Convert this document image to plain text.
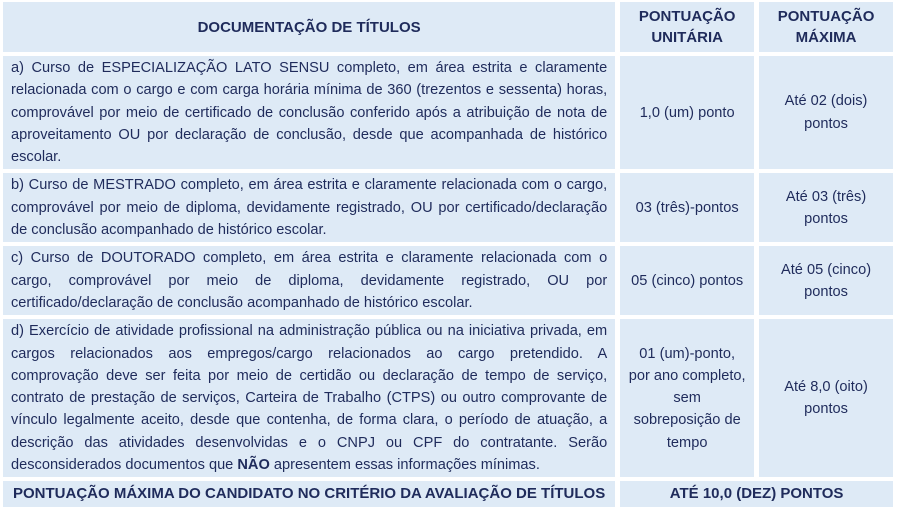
DOCUMENTAÇÃO DE TÍTULOS	PONTUAÇÃO UNITÁRIA	PONTUAÇÃO MÁXIMA
a) Curso de ESPECIALIZAÇÃO LATO SENSU completo, em área estrita e claramente relacionada com o cargo e com carga horária mínima de 360 (trezentos e sessenta) horas, comprovável por meio de certificado de conclusão conferido após a atribuição de nota de aproveitamento OU por declaração de conclusão, desde que acompanhada de histórico escolar.	1,0 (um) ponto	Até 02 (dois) pontos
b) Curso de MESTRADO completo, em área estrita e claramente relacionada com o cargo, comprovável por meio de diploma, devidamente registrado, OU por certificado/declaração de conclusão acompanhado de histórico escolar.	03 (três)-pontos	Até 03 (três) pontos
c) Curso de DOUTORADO completo, em área estrita e claramente relacionada com o cargo, comprovável por meio de diploma, devidamente registrado, OU por certificado/declaração de conclusão acompanhado de histórico escolar.	05 (cinco) pontos	Até 05 (cinco) pontos
d) Exercício de atividade profissional na administração pública ou na iniciativa privada, em cargos relacionados aos empregos/cargo relacionados ao cargo pretendido. A comprovação deve ser feita por meio de certidão ou declaração de tempo de serviço, contrato de prestação de serviços, Carteira de Trabalho (CTPS) ou outro comprovante de vínculo legalmente aceito, desde que contenha, de forma clara, o período de atuação, a descrição das atividades desenvolvidas e o CNPJ ou CPF do contratante. Serão desconsiderados documentos que NÃO apresentem essas informações mínimas.	01 (um)-ponto, por ano completo, sem sobreposição de tempo	Até 8,0 (oito) pontos
PONTUAÇÃO MÁXIMA DO CANDIDATO NO CRITÉRIO DA AVALIAÇÃO DE TÍTULOS	ATÉ 10,0 (DEZ) PONTOS	
